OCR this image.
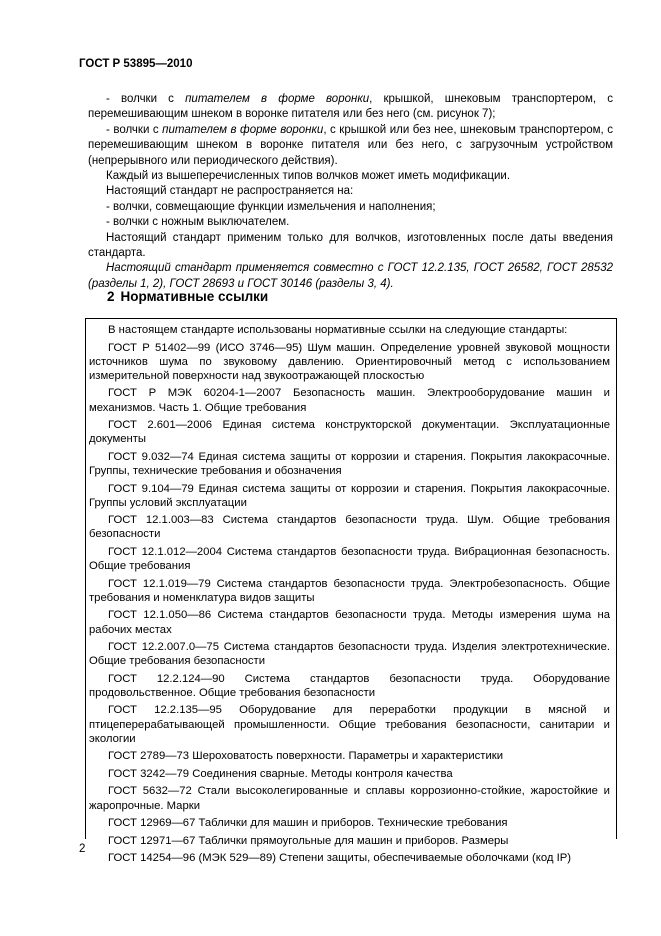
ГОСТ Р 53895—2010

- волчки с питателем в форме воронки, крышкой, шнековым транспортером, с перемешивающим шнеком в воронке питателя или без него (см. рисунок 7);

- волчки с питателем в форме воронки, с крышкой или без нее, шнековым транспортером, с перемешивающим шнеком в воронке питателя или без него, с загрузочным устройством (непрерывного или периодического действия).

Каждый из вышеперечисленных типов волчков может иметь модификации.

Настоящий стандарт не распространяется на:

- волчки, совмещающие функции измельчения и наполнения;

- волчки с ножным выключателем.

Настоящий стандарт применим только для волчков, изготовленных после даты введения стандарта.

Настоящий стандарт применяется совместно с ГОСТ 12.2.135, ГОСТ 26582, ГОСТ 28532 (разделы 1, 2), ГОСТ 28693 и ГОСТ 30146 (разделы 3, 4).

2 Нормативные ссылки

В настоящем стандарте использованы нормативные ссылки на следующие стандарты:

ГОСТ Р 51402—99 (ИСО 3746—95) Шум машин. Определение уровней звуковой мощности источников шума по звуковому давлению. Ориентировочный метод с использованием измерительной поверхности над звукоотражающей плоскостью

ГОСТ Р МЭК 60204-1—2007 Безопасность машин. Электрооборудование машин и механизмов. Часть 1. Общие требования

ГОСТ 2.601—2006 Единая система конструкторской документации. Эксплуатационные документы

ГОСТ 9.032—74 Единая система защиты от коррозии и старения. Покрытия лакокрасочные. Группы, технические требования и обозначения

ГОСТ 9.104—79 Единая система защиты от коррозии и старения. Покрытия лакокрасочные. Группы условий эксплуатации

ГОСТ 12.1.003—83 Система стандартов безопасности труда. Шум. Общие требования безопасности

ГОСТ 12.1.012—2004 Система стандартов безопасности труда. Вибрационная безопасность. Общие требования

ГОСТ 12.1.019—79 Система стандартов безопасности труда. Электробезопасность. Общие требования и номенклатура видов защиты

ГОСТ 12.1.050—86 Система стандартов безопасности труда. Методы измерения шума на рабочих местах

ГОСТ 12.2.007.0—75 Система стандартов безопасности труда. Изделия электротехнические. Общие требования безопасности

ГОСТ 12.2.124—90 Система стандартов безопасности труда. Оборудование продовольственное. Общие требования безопасности

ГОСТ 12.2.135—95 Оборудование для переработки продукции в мясной и птицеперерабатывающей промышленности. Общие требования безопасности, санитарии и экологии

ГОСТ 2789—73 Шероховатость поверхности. Параметры и характеристики

ГОСТ 3242—79 Соединения сварные. Методы контроля качества

ГОСТ 5632—72 Стали высоколегированные и сплавы коррозионно-стойкие, жаростойкие и жаропрочные. Марки

ГОСТ 12969—67 Таблички для машин и приборов. Технические требования

ГОСТ 12971—67 Таблички прямоугольные для машин и приборов. Размеры

ГОСТ 14254—96 (МЭК 529—89) Степени защиты, обеспечиваемые оболочками (код IP)

2
